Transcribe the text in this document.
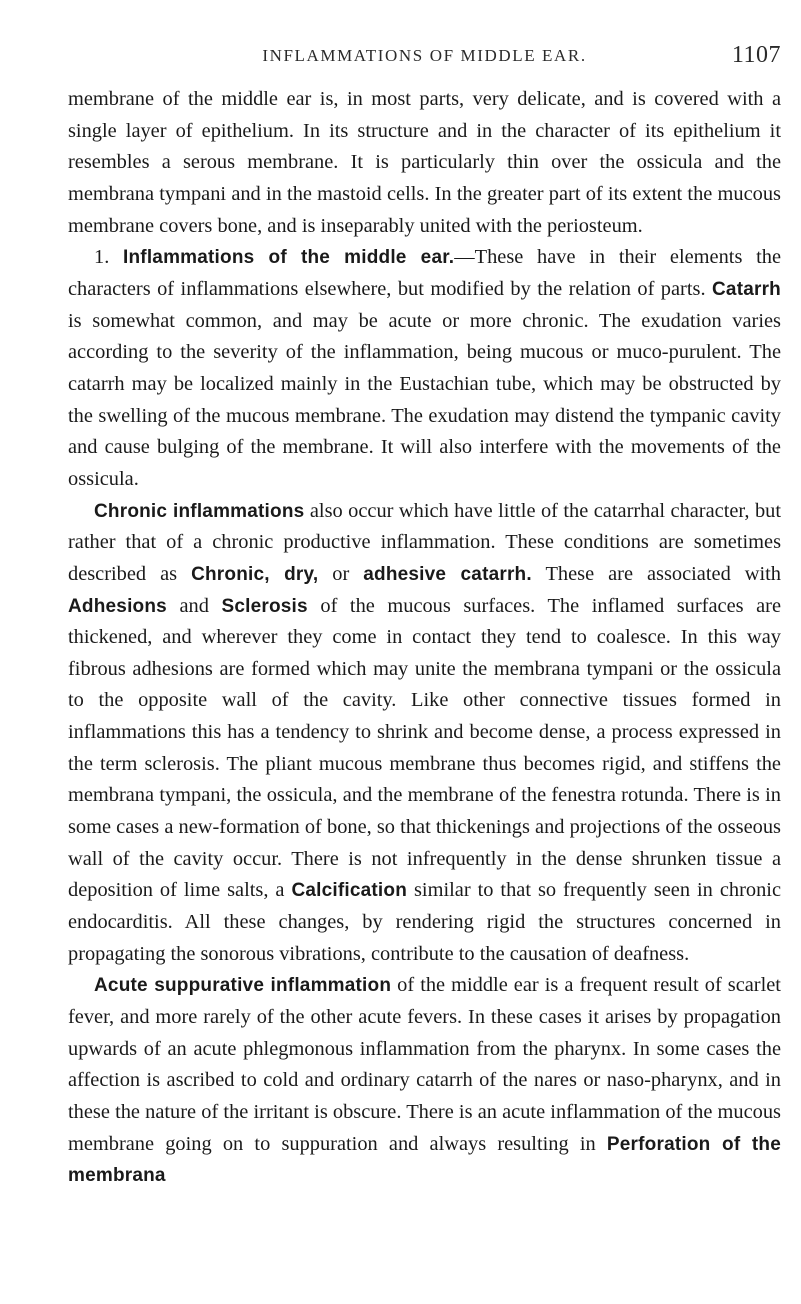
INFLAMMATIONS OF MIDDLE EAR.	1107

membrane of the middle ear is, in most parts, very delicate, and is covered with a single layer of epithelium. In its structure and in the character of its epithelium it resembles a serous membrane. It is particularly thin over the ossicula and the membrana tympani and in the mastoid cells. In the greater part of its extent the mucous membrane covers bone, and is inseparably united with the periosteum.

1. Inflammations of the middle ear.—These have in their elements the characters of inflammations elsewhere, but modified by the relation of parts. Catarrh is somewhat common, and may be acute or more chronic. The exudation varies according to the severity of the inflammation, being mucous or muco-purulent. The catarrh may be localized mainly in the Eustachian tube, which may be obstructed by the swelling of the mucous membrane. The exudation may distend the tympanic cavity and cause bulging of the membrane. It will also interfere with the movements of the ossicula.

Chronic inflammations also occur which have little of the catarrhal character, but rather that of a chronic productive inflammation. These conditions are sometimes described as Chronic, dry, or adhesive catarrh. These are associated with Adhesions and Sclerosis of the mucous surfaces. The inflamed surfaces are thickened, and wherever they come in contact they tend to coalesce. In this way fibrous adhesions are formed which may unite the membrana tympani or the ossicula to the opposite wall of the cavity. Like other connective tissues formed in inflammations this has a tendency to shrink and become dense, a process expressed in the term sclerosis. The pliant mucous membrane thus becomes rigid, and stiffens the membrana tympani, the ossicula, and the membrane of the fenestra rotunda. There is in some cases a new-formation of bone, so that thickenings and projections of the osseous wall of the cavity occur. There is not infrequently in the dense shrunken tissue a deposition of lime salts, a Calcification similar to that so frequently seen in chronic endocarditis. All these changes, by rendering rigid the structures concerned in propagating the sonorous vibrations, contribute to the causation of deafness.

Acute suppurative inflammation of the middle ear is a frequent result of scarlet fever, and more rarely of the other acute fevers. In these cases it arises by propagation upwards of an acute phlegmonous inflammation from the pharynx. In some cases the affection is ascribed to cold and ordinary catarrh of the nares or naso-pharynx, and in these the nature of the irritant is obscure. There is an acute inflammation of the mucous membrane going on to suppuration and always resulting in Perforation of the membrana
